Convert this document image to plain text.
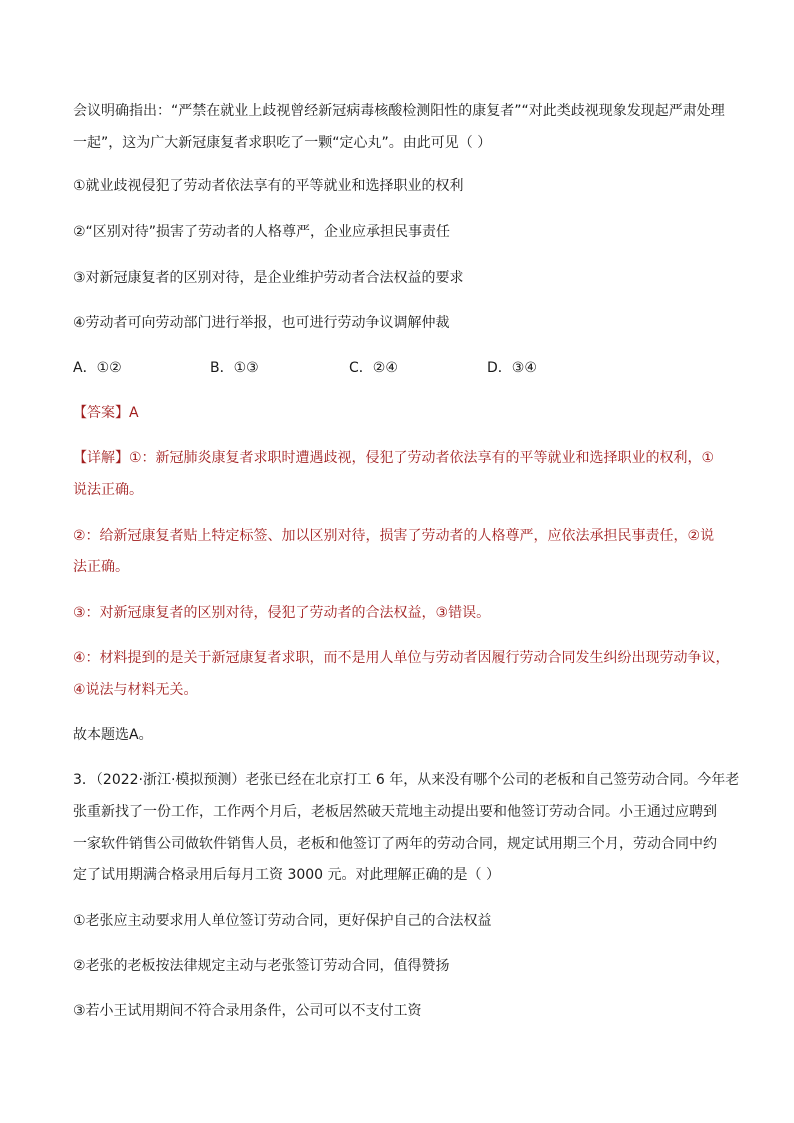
会议明确指出：“严禁在就业上歧视曾经新冠病毒核酸检测阳性的康复者”“对此类歧视现象发现起严肃处理
一起”，这为广大新冠康复者求职吃了一颗“定心丸”。由此可见（ ）
①就业歧视侵犯了劳动者依法享有的平等就业和选择职业的权利
②“区别对待”损害了劳动者的人格尊严，企业应承担民事责任
③对新冠康复者的区别对待，是企业维护劳动者合法权益的要求
④劳动者可向劳动部门进行举报，也可进行劳动争议调解仲裁
A．①②	B．①③	C．②④	D．③④
【答案】A
【详解】①：新冠肺炎康复者求职时遭遇歧视，侵犯了劳动者依法享有的平等就业和选择职业的权利，①
说法正确。
②：给新冠康复者贴上特定标签、加以区别对待，损害了劳动者的人格尊严，应依法承担民事责任，②说
法正确。
③：对新冠康复者的区别对待，侵犯了劳动者的合法权益，③错误。
④：材料提到的是关于新冠康复者求职，而不是用人单位与劳动者因履行劳动合同发生纠纷出现劳动争议，
④说法与材料无关。
故本题选A。
3．（2022·浙江·模拟预测）老张已经在北京打工 6 年，从来没有哪个公司的老板和自己签劳动合同。今年老
张重新找了一份工作，工作两个月后，老板居然破天荒地主动提出要和他签订劳动合同。小王通过应聘到
一家软件销售公司做软件销售人员，老板和他签订了两年的劳动合同，规定试用期三个月，劳动合同中约
定了试用期满合格录用后每月工资 3000 元。对此理解正确的是（ ）
①老张应主动要求用人单位签订劳动合同，更好保护自己的合法权益
②老张的老板按法律规定主动与老张签订劳动合同，值得赞扬
③若小王试用期间不符合录用条件，公司可以不支付工资
